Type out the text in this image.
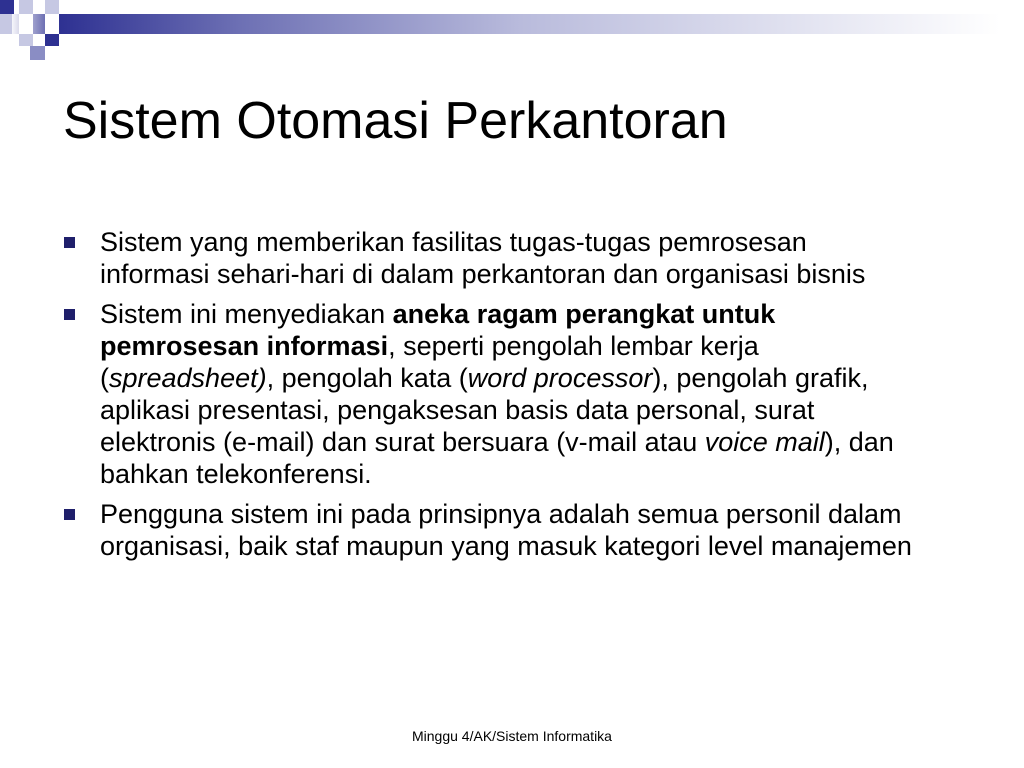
Sistem Otomasi Perkantoran
Sistem yang memberikan fasilitas tugas-tugas pemrosesan informasi sehari-hari di dalam perkantoran dan organisasi bisnis
Sistem ini menyediakan aneka ragam perangkat untuk pemrosesan informasi, seperti pengolah lembar kerja (spreadsheet), pengolah kata (word processor), pengolah grafik, aplikasi presentasi, pengaksesan basis data personal, surat elektronis (e-mail) dan surat bersuara (v-mail atau voice mail), dan bahkan telekonferensi.
Pengguna sistem ini pada prinsipnya adalah semua personil dalam organisasi, baik staf maupun yang masuk kategori level manajemen
Minggu 4/AK/Sistem Informatika
